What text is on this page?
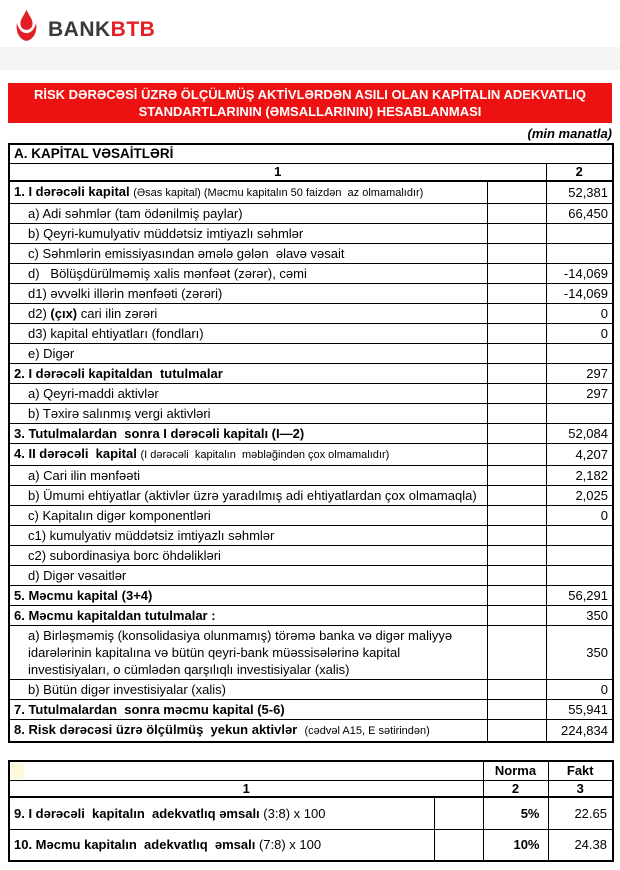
BANKBTB
RİSK DƏRƏCƏSİ ÜZRƏ ÖLÇÜLMÜŞ AKTİVLƏRDƏN ASILI OLAN KAPİTALIN ADEKVATLIQ
STANDARTLARININ (ƏMSALLARININ) HESABLANMASI
(min manatla)
A. KAPİTAL VƏSAİTLƏRİ		
1		2
1. I dərəcəli kapital (Əsas kapital) (Məcmu kapitalın 50 faizdən  az olmamalıdır)		52,381
a) Adi səhmlər (tam ödənilmiş paylar)		66,450
b) Qeyri-kumulyativ müddətsiz imtiyazlı səhmlər		
c) Səhmlərin emissiyasından əmələ gələn  əlavə vəsait		
d)   Bölüşdürülməmiş xalis mənfəət (zərər), cəmi		-14,069
d1) əvvəlki illərin mənfəəti (zərəri)		-14,069
d2) (çıx) cari ilin zərəri		0
d3) kapital ehtiyatları (fondları)		0
e) Digər		
2. I dərəcəli kapitaldan  tutulmalar		297
a) Qeyri-maddi aktivlər		297
b) Təxirə salınmış vergi aktivləri		
3. Tutulmalardan  sonra I dərəcəli kapitalı (I—2)		52,084
4. II dərəcəli  kapital (I dərəcəli  kapitalın  məbləğindən çox olmamalıdır)		4,207
a) Cari ilin mənfəəti		2,182
b) Ümumi ehtiyatlar (aktivlər üzrə yaradılmış adi ehtiyatlardan çox olmamaqla)		2,025
c) Kapitalın digər komponentləri		0
c1) kumulyativ müddətsiz imtiyazlı səhmlər		
c2) subordinasiya borc öhdəlikləri		
d) Digər vəsaitlər		
5. Məcmu kapital (3+4)		56,291
6. Məcmu kapitaldan tutulmalar :		350
a) Birləşməmiş (konsolidasiya olunmamış) törəmə banka və digər maliyyə idarələrinin kapitalına və bütün qeyri-bank müəssisələrinə kapital investisiyaları, o cümlədən qarşılıqlı investisiyalar (xalis)		350
b) Bütün digər investisiyalar (xalis)		0
7. Tutulmalardan  sonra məcmu kapital (5-6)		55,941
8. Risk dərəcəsi üzrə ölçülmüş  yekun aktivlər  (cədvəl A15, E sətirindən)		224,834
		Norma	Fakt
1		2	3
9. I dərəcəli  kapitalın  adekvatlıq əmsalı (3:8) x 100		5%	22.65
10. Məcmu kapitalın  adekvatlıq  əmsalı (7:8) x 100		10%	24.38
